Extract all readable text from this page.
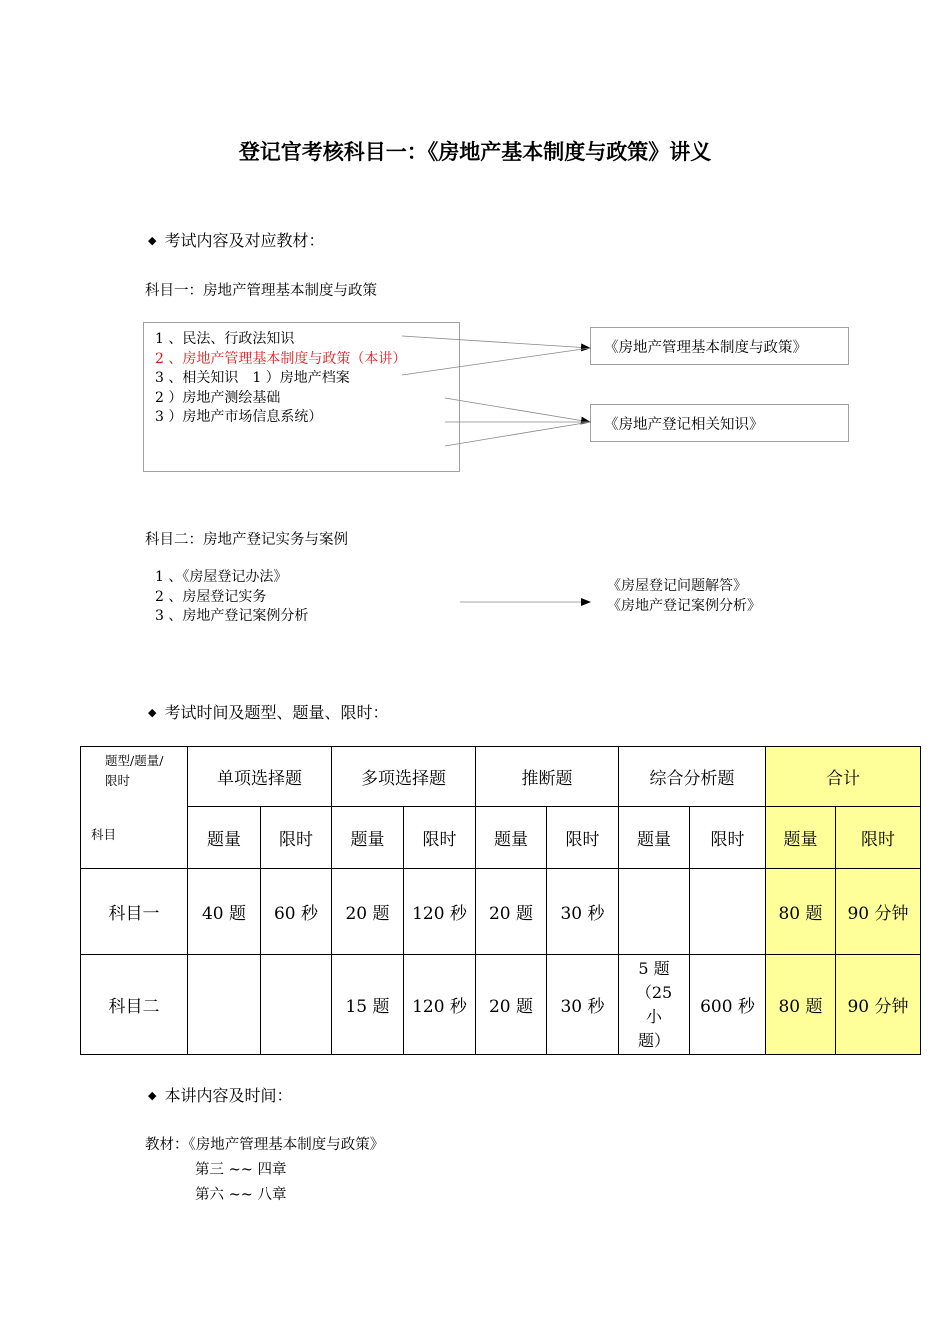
登记官考核科目一：《房地产基本制度与政策》讲义
◆ 考试内容及对应教材：
科目一：房地产管理基本制度与政策
1 、民法、行政法知识
2 、房地产管理基本制度与政策（本讲）
3 、相关知识　1 ）房地产档案
2 ）房地产测绘基础
3 ）房地产市场信息系统）
《房地产管理基本制度与政策》
《房地产登记相关知识》
科目二：房地产登记实务与案例
1 、《房屋登记办法》
2 、房屋登记实务
3 、房地产登记案例分析
《房屋登记问题解答》
《房地产登记案例分析》
◆ 考试时间及题型、题量、限时：
题型/题量/
限时
科目	单项选择题		多项选择题		推断题		综合分析题		合计	
	题量	限时	题量	限时	题量	限时	题量	限时	题量	限时
科目一	40 题	60 秒	20 题	120 秒	20 题	30 秒			80 题	90 分钟
科目二			15 题	120 秒	20 题	30 秒	5 题
（25
小
题）	600 秒	80 题	90 分钟
◆ 本讲内容及时间：
教材：《房地产管理基本制度与政策》
第三 ~~ 四章
第六 ~~ 八章
